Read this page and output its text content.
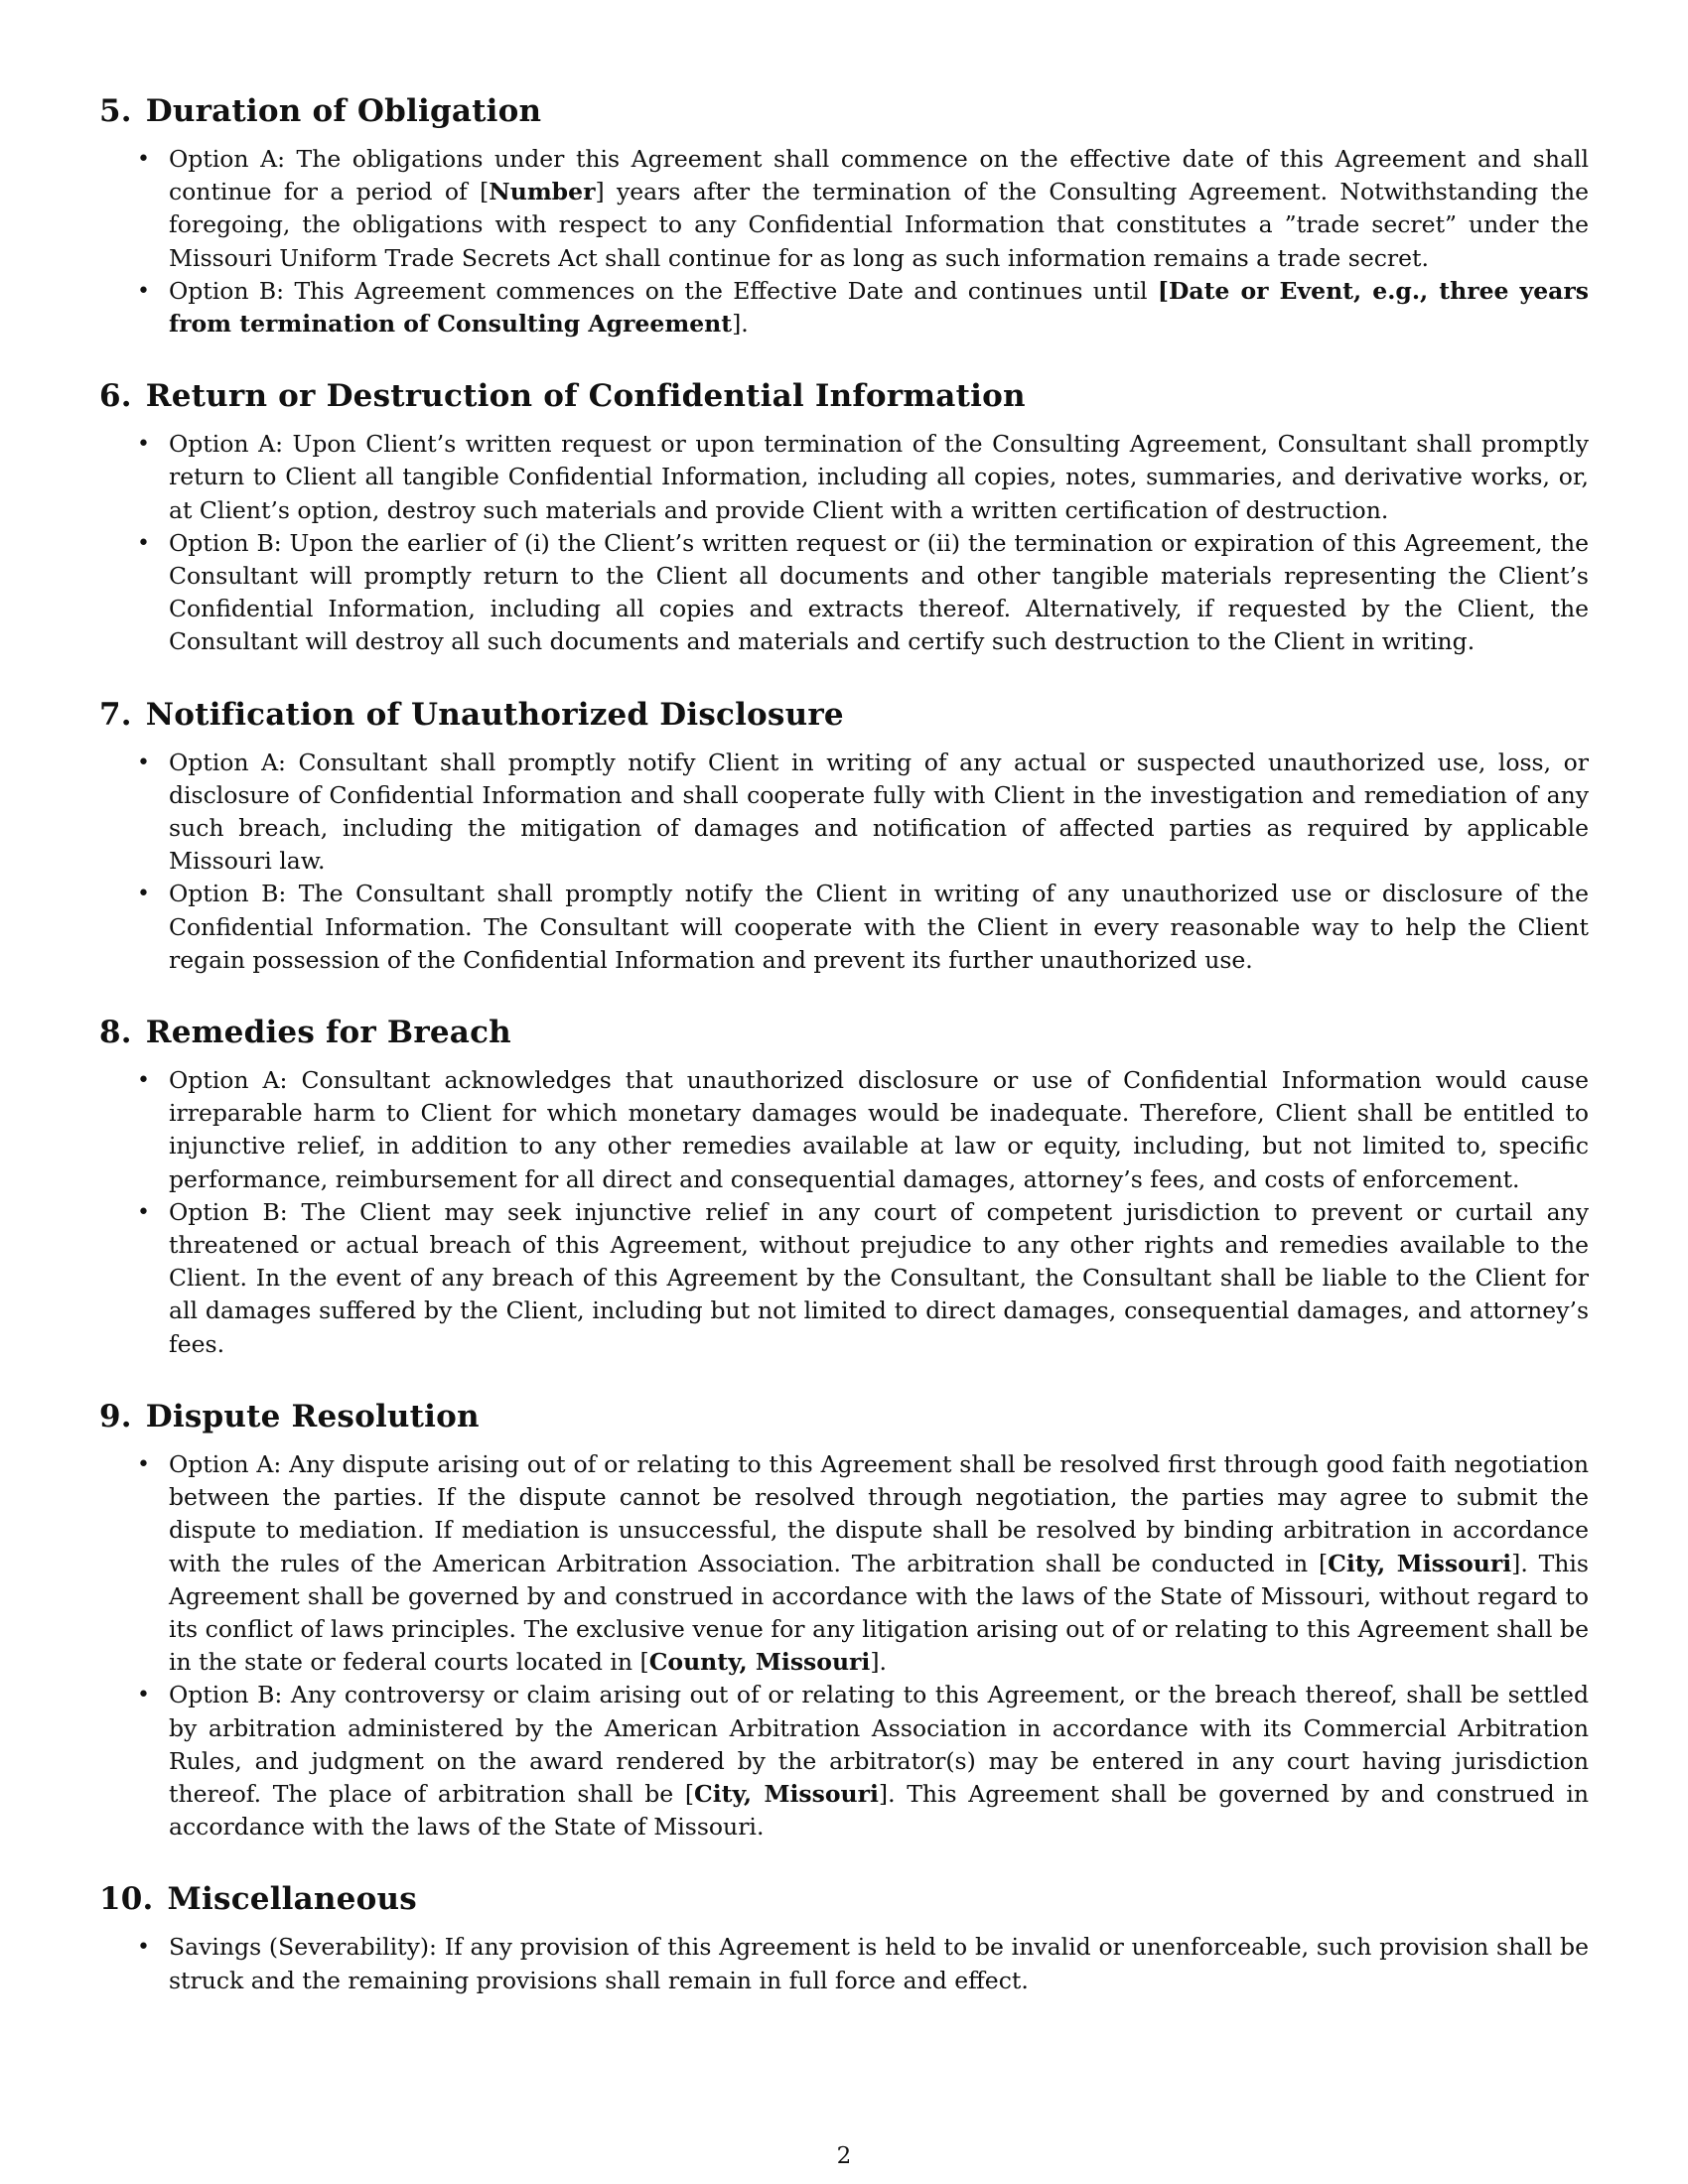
5. Duration of Obligation
• Option A: The obligations under this Agreement shall commence on the effective date of this Agreement and shall continue for a period of [Number] years after the termination of the Consulting Agreement. Notwithstanding the foregoing, the obligations with respect to any Confidential Information that constitutes a ”trade secret” under the Missouri Uniform Trade Secrets Act shall continue for as long as such information remains a trade secret.
• Option B: This Agreement commences on the Effective Date and continues until [Date or Event, e.g., three years from termination of Consulting Agreement].
6. Return or Destruction of Confidential Information
• Option A: Upon Client’s written request or upon termination of the Consulting Agreement, Consultant shall promptly return to Client all tangible Confidential Information, including all copies, notes, summaries, and derivative works, or, at Client’s option, destroy such materials and provide Client with a written certification of destruction.
• Option B: Upon the earlier of (i) the Client’s written request or (ii) the termination or expiration of this Agreement, the Consultant will promptly return to the Client all documents and other tangible materials representing the Client’s Confidential Information, including all copies and extracts thereof. Alternatively, if requested by the Client, the Consultant will destroy all such documents and materials and certify such destruction to the Client in writing.
7. Notification of Unauthorized Disclosure
• Option A: Consultant shall promptly notify Client in writing of any actual or suspected unauthorized use, loss, or disclosure of Confidential Information and shall cooperate fully with Client in the investigation and remediation of any such breach, including the mitigation of damages and notification of affected parties as required by applicable Missouri law.
• Option B: The Consultant shall promptly notify the Client in writing of any unauthorized use or disclosure of the Confidential Information. The Consultant will cooperate with the Client in every reasonable way to help the Client regain possession of the Confidential Information and prevent its further unauthorized use.
8. Remedies for Breach
• Option A: Consultant acknowledges that unauthorized disclosure or use of Confidential Information would cause irreparable harm to Client for which monetary damages would be inadequate. Therefore, Client shall be entitled to injunctive relief, in addition to any other remedies available at law or equity, including, but not limited to, specific performance, reimbursement for all direct and consequential damages, attorney’s fees, and costs of enforcement.
• Option B: The Client may seek injunctive relief in any court of competent jurisdiction to prevent or curtail any threatened or actual breach of this Agreement, without prejudice to any other rights and remedies available to the Client. In the event of any breach of this Agreement by the Consultant, the Consultant shall be liable to the Client for all damages suffered by the Client, including but not limited to direct damages, consequential damages, and attorney’s fees.
9. Dispute Resolution
• Option A: Any dispute arising out of or relating to this Agreement shall be resolved first through good faith negotiation between the parties. If the dispute cannot be resolved through negotiation, the parties may agree to submit the dispute to mediation. If mediation is unsuccessful, the dispute shall be resolved by binding arbitration in accordance with the rules of the American Arbitration Association. The arbitration shall be conducted in [City, Missouri]. This Agreement shall be governed by and construed in accordance with the laws of the State of Missouri, without regard to its conflict of laws principles. The exclusive venue for any litigation arising out of or relating to this Agreement shall be in the state or federal courts located in [County, Missouri].
• Option B: Any controversy or claim arising out of or relating to this Agreement, or the breach thereof, shall be settled by arbitration administered by the American Arbitration Association in accordance with its Commercial Arbitration Rules, and judgment on the award rendered by the arbitrator(s) may be entered in any court having jurisdiction thereof. The place of arbitration shall be [City, Missouri]. This Agreement shall be governed by and construed in accordance with the laws of the State of Missouri.
10. Miscellaneous
• Savings (Severability): If any provision of this Agreement is held to be invalid or unenforceable, such provision shall be struck and the remaining provisions shall remain in full force and effect.
2
